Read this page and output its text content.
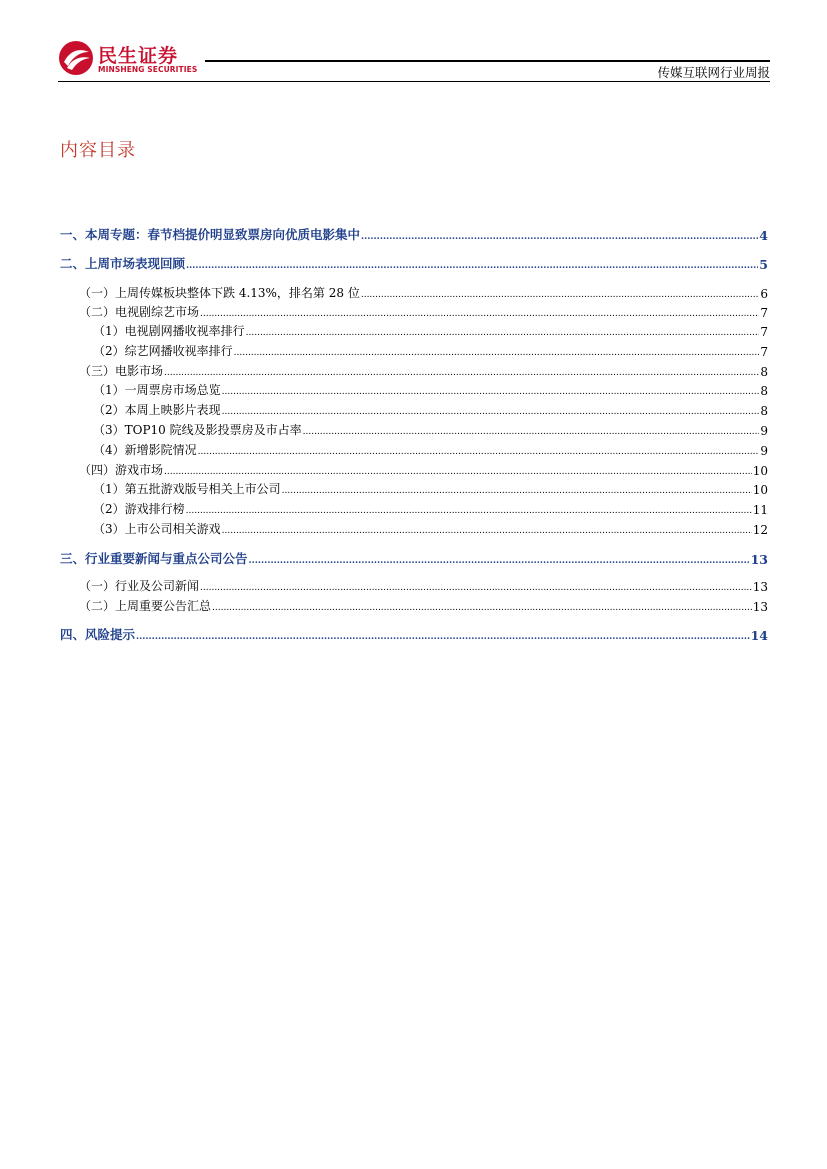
民生证券
MINSHENG SECURITIES	传媒互联网行业周报
内容目录
一、本周专题：春节档提价明显致票房向优质电影集中 .....	4
二、上周市场表现回顾 .....	5
（一）上周传媒板块整体下跌 4.13%，排名第 28 位 .....	6
（二）电视剧综艺市场 .....	7
（1）电视剧网播收视率排行 .....	7
（2）综艺网播收视率排行 .....	7
（三）电影市场 .....	8
（1）一周票房市场总览 .....	8
（2）本周上映影片表现 .....	8
（3）TOP10 院线及影投票房及市占率 .....	9
（4）新增影院情况 .....	9
（四）游戏市场 .....	10
（1）第五批游戏版号相关上市公司 .....	10
（2）游戏排行榜 .....	11
（3）上市公司相关游戏 .....	12
三、行业重要新闻与重点公司公告 .....	13
（一）行业及公司新闻 .....	13
（二）上周重要公告汇总 .....	13
四、风险提示 .....	14
